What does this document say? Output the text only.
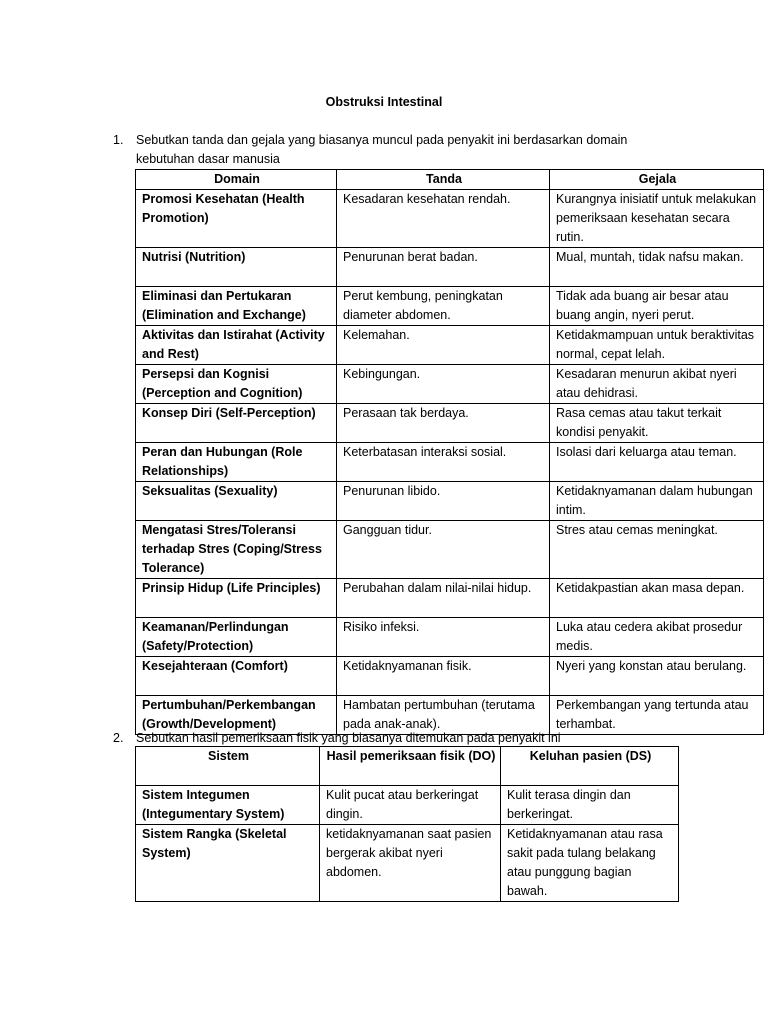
Obstruksi Intestinal
1.	Sebutkan tanda dan gejala yang biasanya muncul pada penyakit ini berdasarkan domain kebutuhan dasar manusia
Domain	Tanda	Gejala
Promosi Kesehatan (Health Promotion)	Kesadaran kesehatan rendah.	Kurangnya inisiatif untuk melakukan pemeriksaan kesehatan secara rutin.
Nutrisi (Nutrition)	Penurunan berat badan.	Mual, muntah, tidak nafsu makan.
Eliminasi dan Pertukaran (Elimination and Exchange)	Perut kembung, peningkatan diameter abdomen.	Tidak ada buang air besar atau buang angin, nyeri perut.
Aktivitas dan Istirahat (Activity and Rest)	Kelemahan.	Ketidakmampuan untuk beraktivitas normal, cepat lelah.
Persepsi dan Kognisi (Perception and Cognition)	Kebingungan.	Kesadaran menurun akibat nyeri atau dehidrasi.
Konsep Diri (Self-Perception)	Perasaan tak berdaya.	Rasa cemas atau takut terkait kondisi penyakit.
Peran dan Hubungan (Role Relationships)	Keterbatasan interaksi sosial.	Isolasi dari keluarga atau teman.
Seksualitas (Sexuality)	Penurunan libido.	Ketidaknyamanan dalam hubungan intim.
Mengatasi Stres/Toleransi terhadap Stres (Coping/Stress Tolerance)	Gangguan tidur.	Stres atau cemas meningkat.
Prinsip Hidup (Life Principles)	Perubahan dalam nilai-nilai hidup.	Ketidakpastian akan masa depan.
Keamanan/Perlindungan (Safety/Protection)	Risiko infeksi.	Luka atau cedera akibat prosedur medis.
Kesejahteraan (Comfort)	Ketidaknyamanan fisik.	Nyeri yang konstan atau berulang.
Pertumbuhan/Perkembangan (Growth/Development)	Hambatan pertumbuhan (terutama pada anak-anak).	Perkembangan yang tertunda atau terhambat.
2.	Sebutkan hasil pemeriksaan fisik yang biasanya ditemukan pada penyakit ini
Sistem	Hasil pemeriksaan fisik (DO)	Keluhan pasien (DS)
Sistem Integumen (Integumentary System)	Kulit pucat atau berkeringat dingin.	Kulit terasa dingin dan berkeringat.
Sistem Rangka (Skeletal System)	ketidaknyamanan saat pasien bergerak akibat nyeri abdomen.	Ketidaknyamanan atau rasa sakit pada tulang belakang atau punggung bagian bawah.
